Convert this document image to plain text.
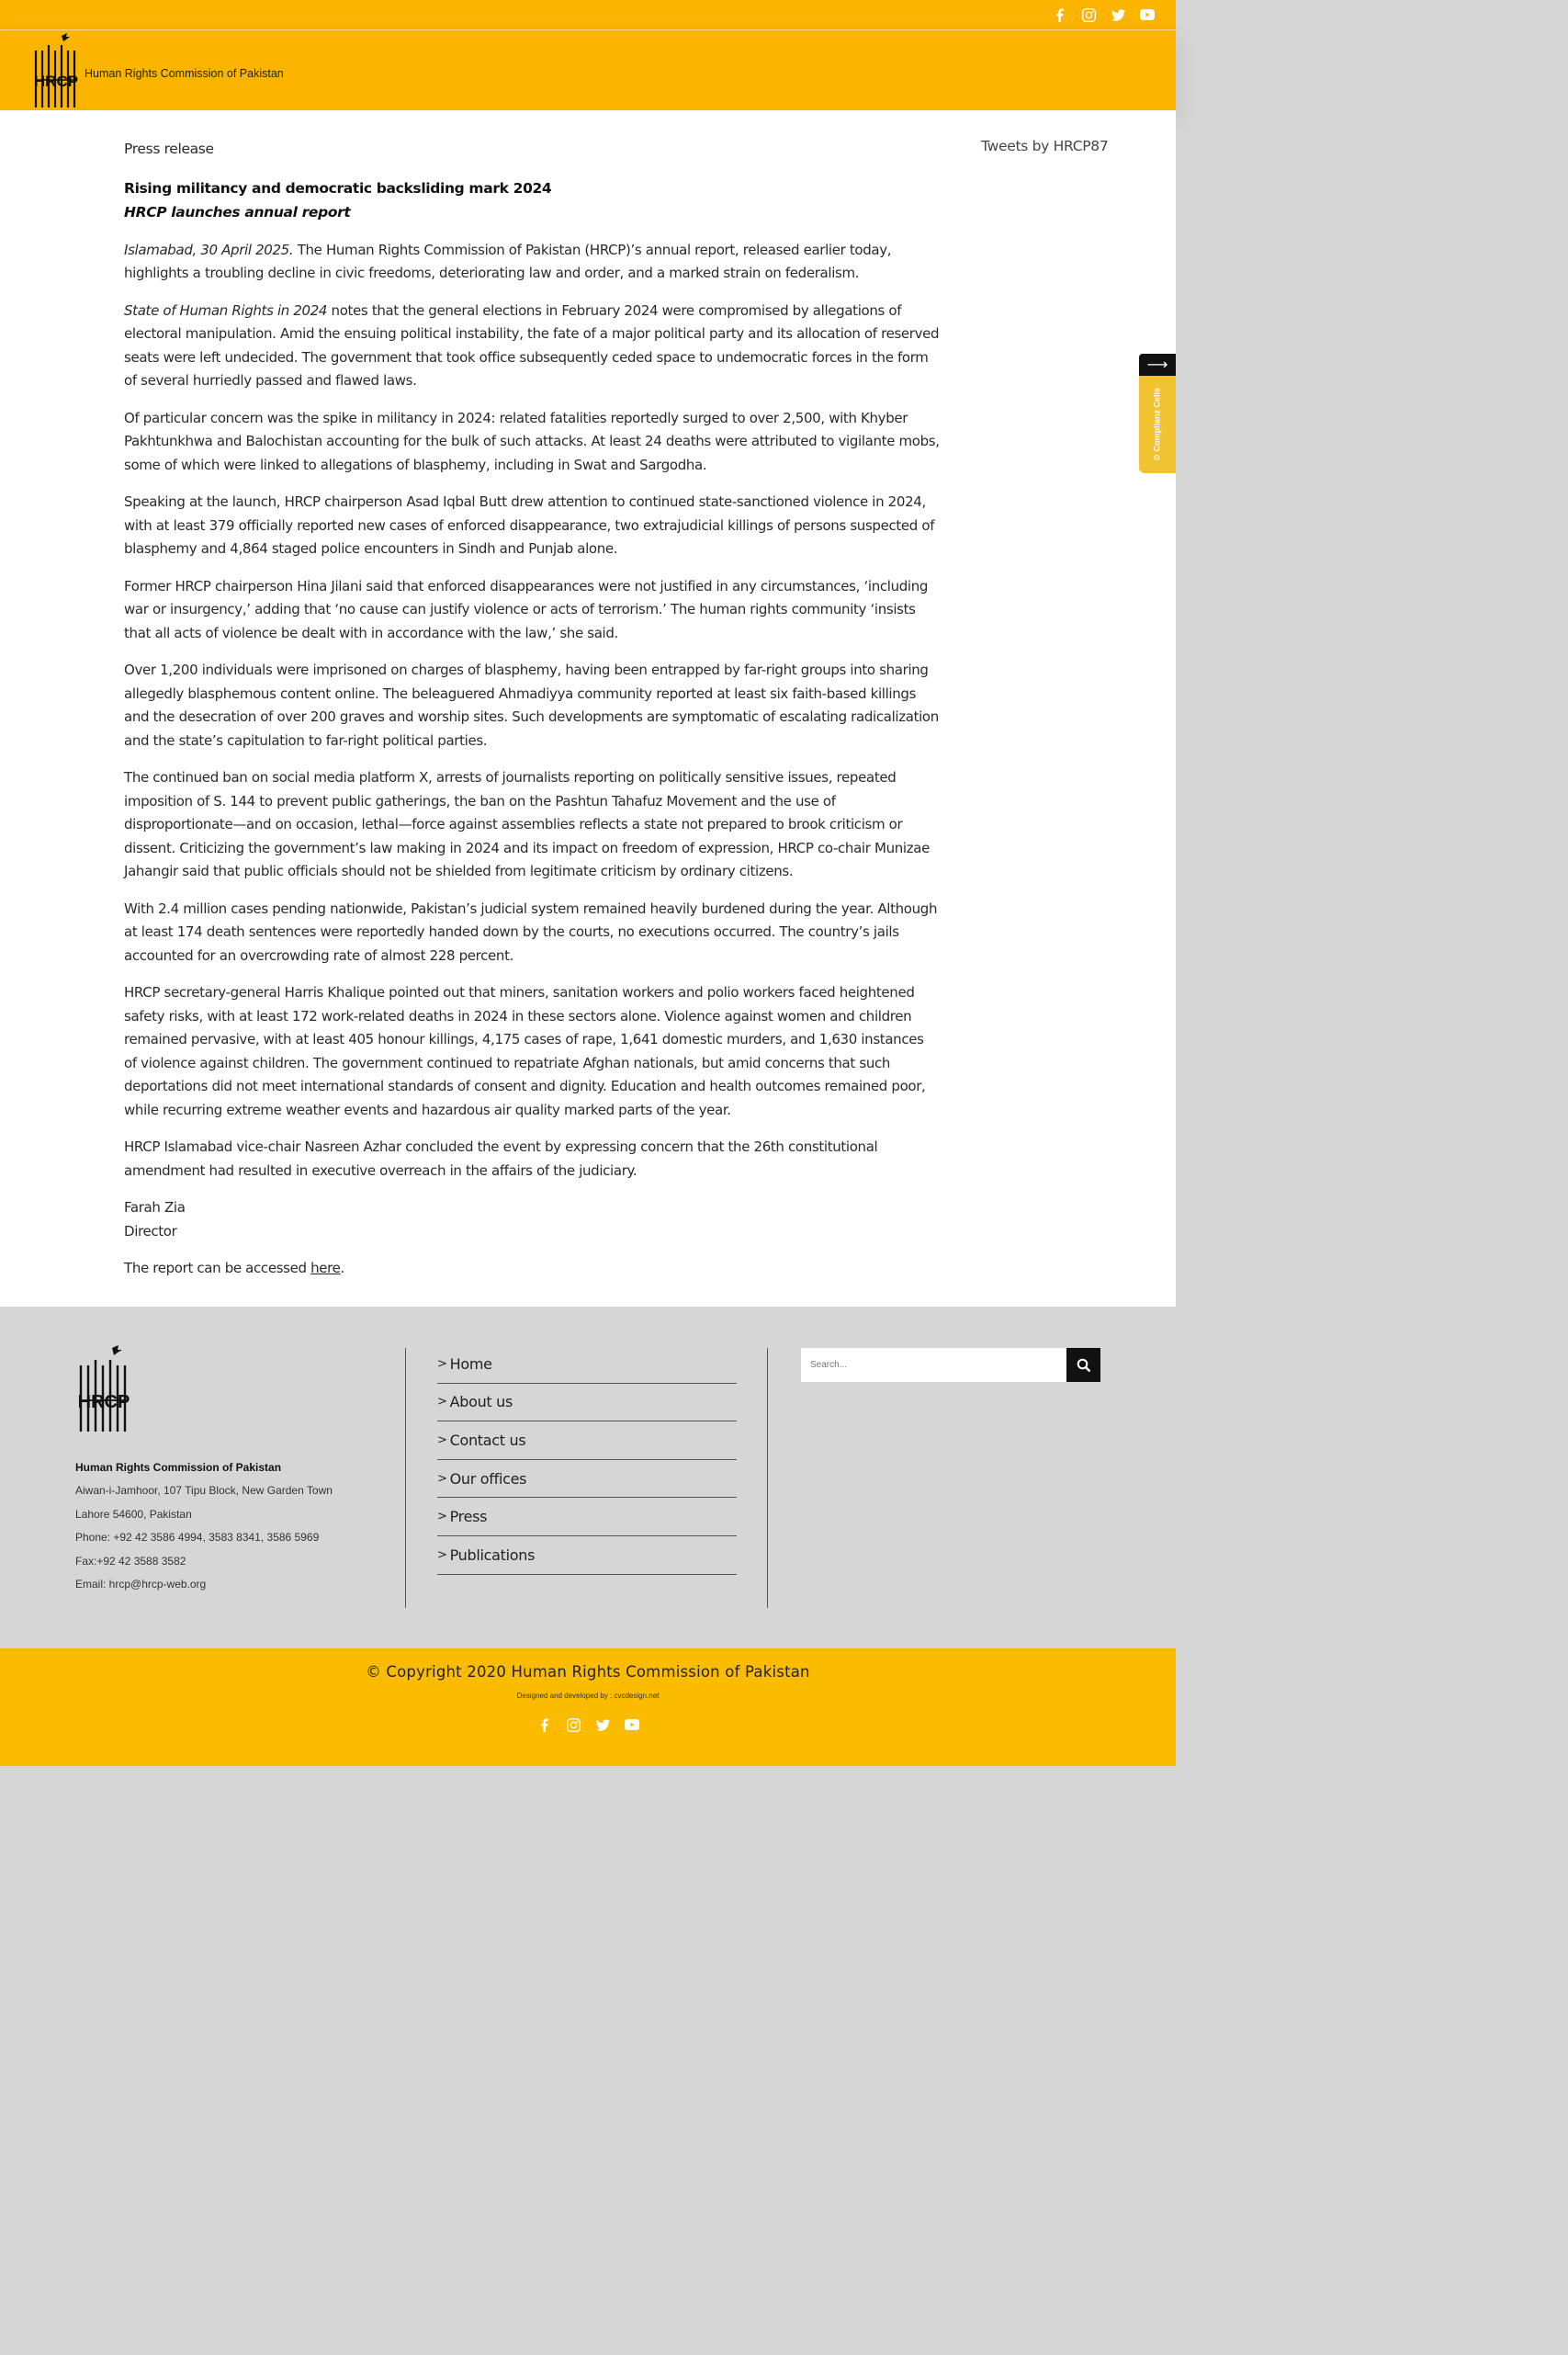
HRCP Human Rights Commission of Pakistan

Press release

Rising militancy and democratic backsliding mark 2024

HRCP launches annual report

Islamabad, 30 April 2025. The Human Rights Commission of Pakistan (HRCP)’s annual report, released earlier today, highlights a troubling decline in civic freedoms, deteriorating law and order, and a marked strain on federalism.

State of Human Rights in 2024 notes that the general elections in February 2024 were compromised by allegations of electoral manipulation. Amid the ensuing political instability, the fate of a major political party and its allocation of reserved seats were left undecided. The government that took office subsequently ceded space to undemocratic forces in the form of several hurriedly passed and flawed laws.

Of particular concern was the spike in militancy in 2024: related fatalities reportedly surged to over 2,500, with Khyber Pakhtunkhwa and Balochistan accounting for the bulk of such attacks. At least 24 deaths were attributed to vigilante mobs, some of which were linked to allegations of blasphemy, including in Swat and Sargodha.

Speaking at the launch, HRCP chairperson Asad Iqbal Butt drew attention to continued state-sanctioned violence in 2024, with at least 379 officially reported new cases of enforced disappearance, two extrajudicial killings of persons suspected of blasphemy and 4,864 staged police encounters in Sindh and Punjab alone.

Former HRCP chairperson Hina Jilani said that enforced disappearances were not justified in any circumstances, ‘including war or insurgency,’ adding that ‘no cause can justify violence or acts of terrorism.’ The human rights community ‘insists that all acts of violence be dealt with in accordance with the law,’ she said.

Over 1,200 individuals were imprisoned on charges of blasphemy, having been entrapped by far-right groups into sharing allegedly blasphemous content online. The beleaguered Ahmadiyya community reported at least six faith-based killings and the desecration of over 200 graves and worship sites. Such developments are symptomatic of escalating radicalization and the state’s capitulation to far-right political parties.

The continued ban on social media platform X, arrests of journalists reporting on politically sensitive issues, repeated imposition of S. 144 to prevent public gatherings, the ban on the Pashtun Tahafuz Movement and the use of disproportionate—and on occasion, lethal—force against assemblies reflects a state not prepared to brook criticism or dissent. Criticizing the government’s law making in 2024 and its impact on freedom of expression, HRCP co-chair Munizae Jahangir said that public officials should not be shielded from legitimate criticism by ordinary citizens.

With 2.4 million cases pending nationwide, Pakistan’s judicial system remained heavily burdened during the year. Although at least 174 death sentences were reportedly handed down by the courts, no executions occurred. The country’s jails accounted for an overcrowding rate of almost 228 percent.

HRCP secretary-general Harris Khalique pointed out that miners, sanitation workers and polio workers faced heightened safety risks, with at least 172 work-related deaths in 2024 in these sectors alone. Violence against women and children remained pervasive, with at least 405 honour killings, 4,175 cases of rape, 1,641 domestic murders, and 1,630 instances of violence against children. The government continued to repatriate Afghan nationals, but amid concerns that such deportations did not meet international standards of consent and dignity. Education and health outcomes remained poor, while recurring extreme weather events and hazardous air quality marked parts of the year.

HRCP Islamabad vice-chair Nasreen Azhar concluded the event by expressing concern that the 26th constitutional amendment had resulted in executive overreach in the affairs of the judiciary.

Farah Zia
Director

The report can be accessed here.

Tweets by HRCP87
HRCP
Human Rights Commission of Pakistan
Aiwan-i-Jamhoor, 107 Tipu Block, New Garden Town
Lahore 54600, Pakistan
Phone: +92 42 3586 4994, 3583 8341, 3586 5969
Fax:+92 42 3588 3582
Email: hrcp@hrcp-web.org
> Home
> About us
> Contact us
> Our offices
> Press
> Publications
Search...
© Copyright 2020 Human Rights Commission of Pakistan
Designed and developed by : cvcdesign.net
⟶
⚙ Complianz Cells
